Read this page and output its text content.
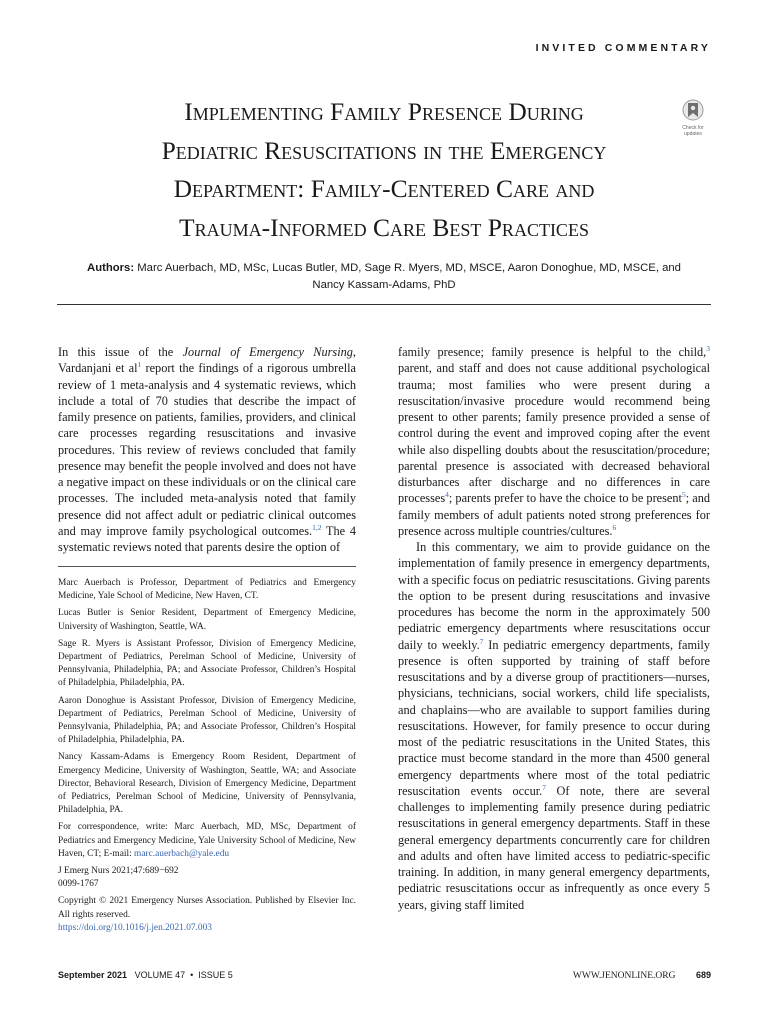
INVITED COMMENTARY
Implementing Family Presence During
Pediatric Resuscitations in the Emergency
Department: Family-Centered Care and
Trauma-Informed Care Best Practices
Check for
updates
Authors: Marc Auerbach, MD, MSc, Lucas Butler, MD, Sage R. Myers, MD, MSCE, Aaron Donoghue, MD, MSCE, and
Nancy Kassam-Adams, PhD

In this issue of the Journal of Emergency Nursing, Vardanjani et al$^1$ report the findings of a rigorous umbrella review of 1 meta-analysis and 4 systematic reviews, which include a total of 70 studies that describe the impact of family presence on patients, families, providers, and clinical care processes regarding resuscitations and invasive procedures. This review of reviews concluded that family presence may benefit the people involved and does not have a negative impact on these individuals or on the clinical care processes. The included meta-analysis noted that family presence did not affect adult or pediatric clinical outcomes and may improve family psychological outcomes.$^{1,2}$ The 4 systematic reviews noted that parents desire the option of

Marc Auerbach is Professor, Department of Pediatrics and Emergency Medicine, Yale School of Medicine, New Haven, CT.

Lucas Butler is Senior Resident, Department of Emergency Medicine, University of Washington, Seattle, WA.

Sage R. Myers is Assistant Professor, Division of Emergency Medicine, Department of Pediatrics, Perelman School of Medicine, University of Pennsylvania, Philadelphia, PA; and Associate Professor, Children’s Hospital of Philadelphia, Philadelphia, PA.

Aaron Donoghue is Assistant Professor, Division of Emergency Medicine, Department of Pediatrics, Perelman School of Medicine, University of Pennsylvania, Philadelphia, PA; and Associate Professor, Children’s Hospital of Philadelphia, Philadelphia, PA.

Nancy Kassam-Adams is Emergency Room Resident, Department of Emergency Medicine, University of Washington, Seattle, WA; and Associate Director, Behavioral Research, Division of Emergency Medicine, Department of Pediatrics, Perelman School of Medicine, University of Pennsylvania, Philadelphia, PA.

For correspondence, write: Marc Auerbach, MD, MSc, Department of Pediatrics and Emergency Medicine, Yale University School of Medicine, New Haven, CT; E-mail: marc.auerbach@yale.edu

J Emerg Nurs 2021;47:689−692

0099-1767

Copyright © 2021 Emergency Nurses Association. Published by Elsevier Inc. All rights reserved.

https://doi.org/10.1016/j.jen.2021.07.003

family presence; family presence is helpful to the child,$^3$ parent, and staff and does not cause additional psychological trauma; most families who were present during a resuscitation/invasive procedure would recommend being present to other parents; family presence provided a sense of control during the event and improved coping after the event while also dispelling doubts about the resuscitation/procedure; parental presence is associated with decreased behavioral disturbances after discharge and no differences in care processes$^4$; parents prefer to have the choice to be present$^5$; and family members of adult patients noted strong preferences for presence across multiple countries/cultures.$^6$

In this commentary, we aim to provide guidance on the implementation of family presence in emergency departments, with a specific focus on pediatric resuscitations. Giving parents the option to be present during resuscitations and invasive procedures has become the norm in the approximately 500 pediatric emergency departments where resuscitations occur daily to weekly.$^7$ In pediatric emergency departments, family presence is often supported by training of staff before resuscitations and by a diverse group of practitioners—nurses, physicians, technicians, social workers, child life specialists, and chaplains—who are available to support families during resuscitations. However, for family presence to occur during most of the pediatric resuscitations in the United States, this practice must become standard in the more than 4500 general emergency departments where most of the total pediatric resuscitation events occur.$^7$ Of note, there are several challenges to implementing family presence during pediatric resuscitations in general emergency departments. Staff in these general emergency departments concurrently care for children and adults and often have limited access to pediatric-specific training. In addition, in many general emergency departments, pediatric resuscitations occur as infrequently as once every 5 years, giving staff limited

September 2021 VOLUME 47 • ISSUE 5	WWW.JENONLINE.ORG 689
